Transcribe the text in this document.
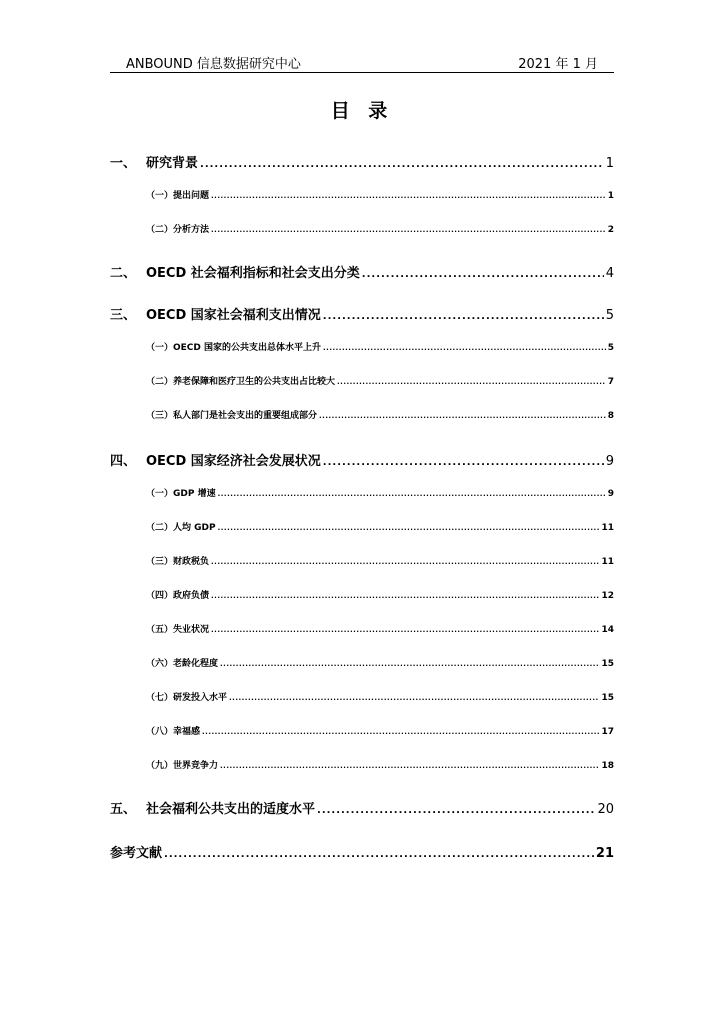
ANBOUND 信息数据研究中心	2021 年 1 月
目 录
一、 研究背景 .....	1
（一）提出问题 .....	1
（二）分析方法 .....	2
二、 OECD 社会福利指标和社会支出分类 .....	4
三、 OECD 国家社会福利支出情况 .....	5
（一）OECD 国家的公共支出总体水平上升 .....	5
（二）养老保障和医疗卫生的公共支出占比较大 .....	7
（三）私人部门是社会支出的重要组成部分 .....	8
四、 OECD 国家经济社会发展状况 .....	9
（一）GDP 增速 .....	9
（二）人均 GDP .....	11
（三）财政税负 .....	11
（四）政府负债 .....	12
（五）失业状况 .....	14
（六）老龄化程度 .....	15
（七）研发投入水平 .....	15
（八）幸福感 .....	17
（九）世界竞争力 .....	18
五、 社会福利公共支出的适度水平 .....	20
参考文献 .....	21
